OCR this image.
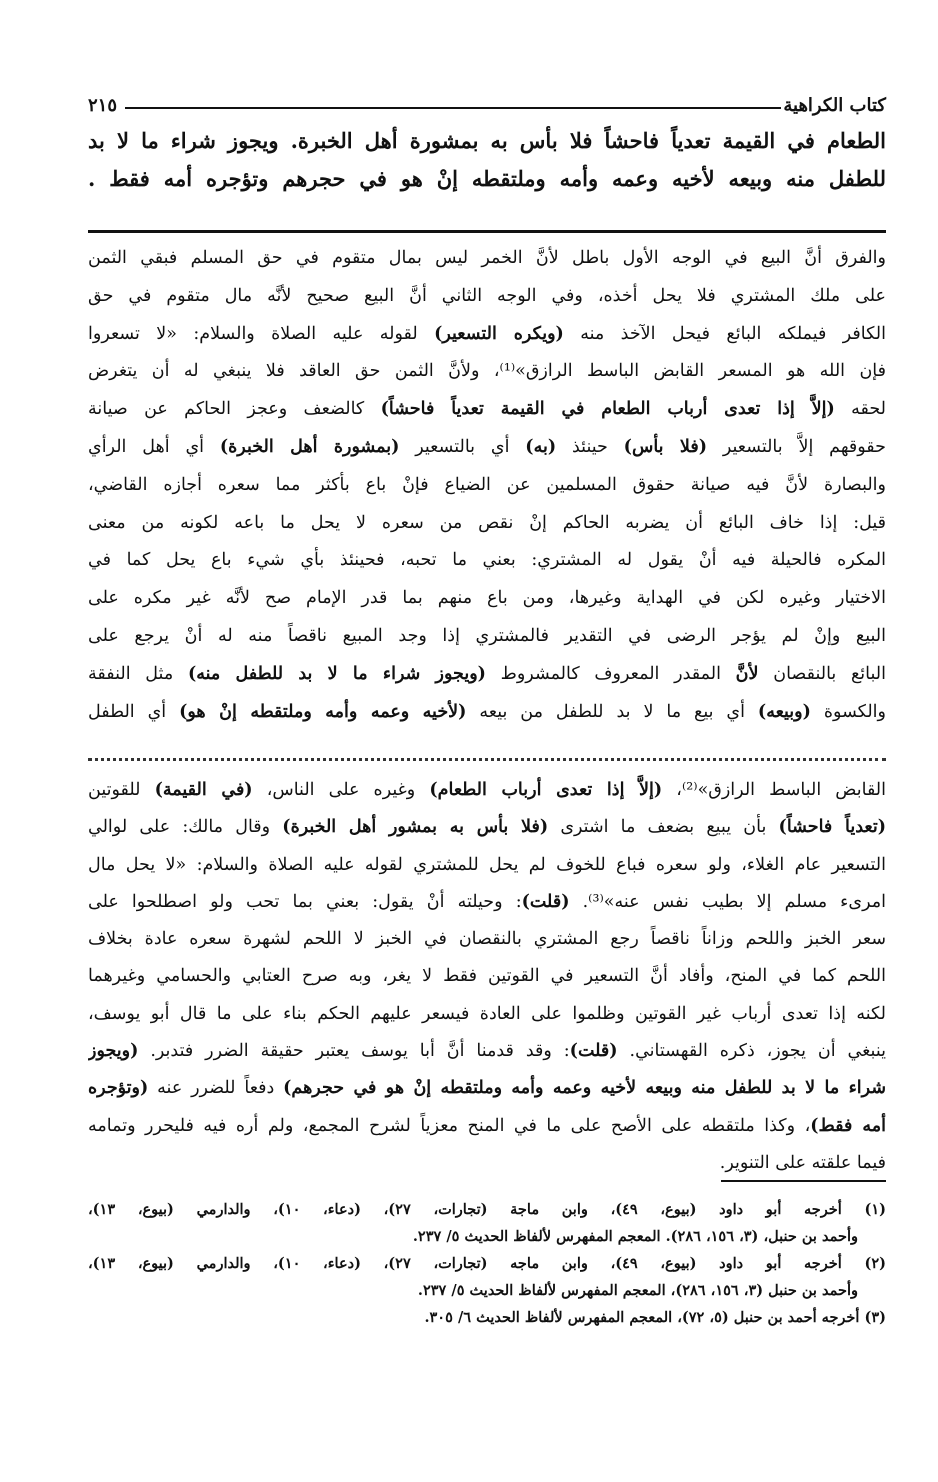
كتاب الكراهية
٢١٥
الطعام في القيمة تعدياً فاحشاً فلا بأس به بمشورة أهل الخبرة. ويجوز شراء ما لا بد
للطفل منه وبيعه لأخيه وعمه وأمه وملتقطه إنْ هو في حجرهم وتؤجره أمه فقط .
والفرق أنَّ البيع في الوجه الأول باطل لأنَّ الخمر ليس بمال متقوم في حق المسلم فبقي الثمن
على ملك المشتري فلا يحل أخذه، وفي الوجه الثاني أنَّ البيع صحيح لأنَّه مال متقوم في حق
الكافر فيملكه البائع فيحل الآخذ منه (ويكره التسعير) لقوله عليه الصلاة والسلام: «لا تسعروا
فإن الله هو المسعر القابض الباسط الرازق»⁽¹⁾، ولأنَّ الثمن حق العاقد فلا ينبغي له أن يتغرض
لحقه (إلاَّ إذا تعدى أرباب الطعام في القيمة تعدياً فاحشاً) كالضعف وعجز الحاكم عن صيانة
حقوقهم إلاَّ بالتسعير (فلا بأس) حينئذ (به) أي بالتسعير (بمشورة أهل الخبرة) أي أهل الرأي
والبصارة لأنَّ فيه صيانة حقوق المسلمين عن الضياع فإنْ باع بأكثر مما سعره أجازه القاضي،
قيل: إذا خاف البائع أن يضربه الحاكم إنْ نقص من سعره لا يحل ما باعه لكونه من معنى
المكره فالحيلة فيه أنْ يقول له المشتري: بعني ما تحبه، فحينئذ بأي شيء باع يحل كما في
الاختيار وغيره لكن في الهداية وغيرها، ومن باع منهم بما قدر الإمام صح لأنَّه غير مكره على
البيع وإنْ لم يؤجر الرضى في التقدير فالمشتري إذا وجد المبيع ناقصاً منه له أنْ يرجع على
البائع بالنقصان لأنَّ المقدر المعروف كالمشروط (ويجوز شراء ما لا بد للطفل منه) مثل النفقة
والكسوة (وبيعه) أي بيع ما لا بد للطفل من بيعه (لأخيه وعمه وأمه وملتقطه إنْ هو) أي الطفل
القابض الباسط الرازق»⁽²⁾، (إلاَّ إذا تعدى أرباب الطعام) وغيره على الناس، (في القيمة) للقوتين
(تعدياً فاحشاً) بأن يبيع بضعف ما اشترى (فلا بأس به بمشور أهل الخبرة) وقال مالك: على لوالي
التسعير عام الغلاء، ولو سعره فباع للخوف لم يحل للمشتري لقوله عليه الصلاة والسلام: «لا يحل مال
امرىء مسلم إلا بطيب نفس عنه»⁽³⁾. (قلت): وحيلته أنْ يقول: بعني بما تحب ولو اصطلحوا على
سعر الخبز واللحم وزاناً ناقصاً رجع المشتري بالنقصان في الخبز لا اللحم لشهرة سعره عادة بخلاف
اللحم كما في المنح، وأفاد أنَّ التسعير في القوتين فقط لا يغر، وبه صرح العتابي والحسامي وغيرهما
لكنه إذا تعدى أرباب غير القوتين وظلموا على العادة فيسعر عليهم الحكم بناء على ما قال أبو يوسف،
ينبغي أن يجوز، ذكره القهستاني. (قلت): وقد قدمنا أنَّ أبا يوسف يعتبر حقيقة الضرر فتدبر. (ويجوز
شراء ما لا بد للطفل منه وبيعه لأخيه وعمه وأمه وملتقطه إنْ هو في حجرهم) دفعاً للضرر عنه (وتؤجره
أمه فقط)، وكذا ملتقطه على الأصح على ما في المنح معزياً لشرح المجمع، ولم أره فيه فليحرر وتمامه
فيما علقته على التنوير.
(١) أخرجه أبو داود (بيوع، ٤٩)، وابن ماجة (تجارات، ٢٧)، (دعاء، ١٠)، والدارمي (بيوع، ١٣)،
وأحمد بن حنبل، (٣، ١٥٦، ٢٨٦). المعجم المفهرس لألفاظ الحديث ٥/ ٢٣٧.
(٢) أخرجه أبو داود (بيوع، ٤٩)، وابن ماجه (تجارات، ٢٧)، (دعاء، ١٠)، والدارمي (بيوع، ١٣)،
وأحمد بن حنبل (٣، ١٥٦، ٢٨٦)، المعجم المفهرس لألفاظ الحديث ٥/ ٢٣٧.
(٣) أخرجه أحمد بن حنبل (٥، ٧٢)، المعجم المفهرس لألفاظ الحديث ٦/ ٣٠٥.
